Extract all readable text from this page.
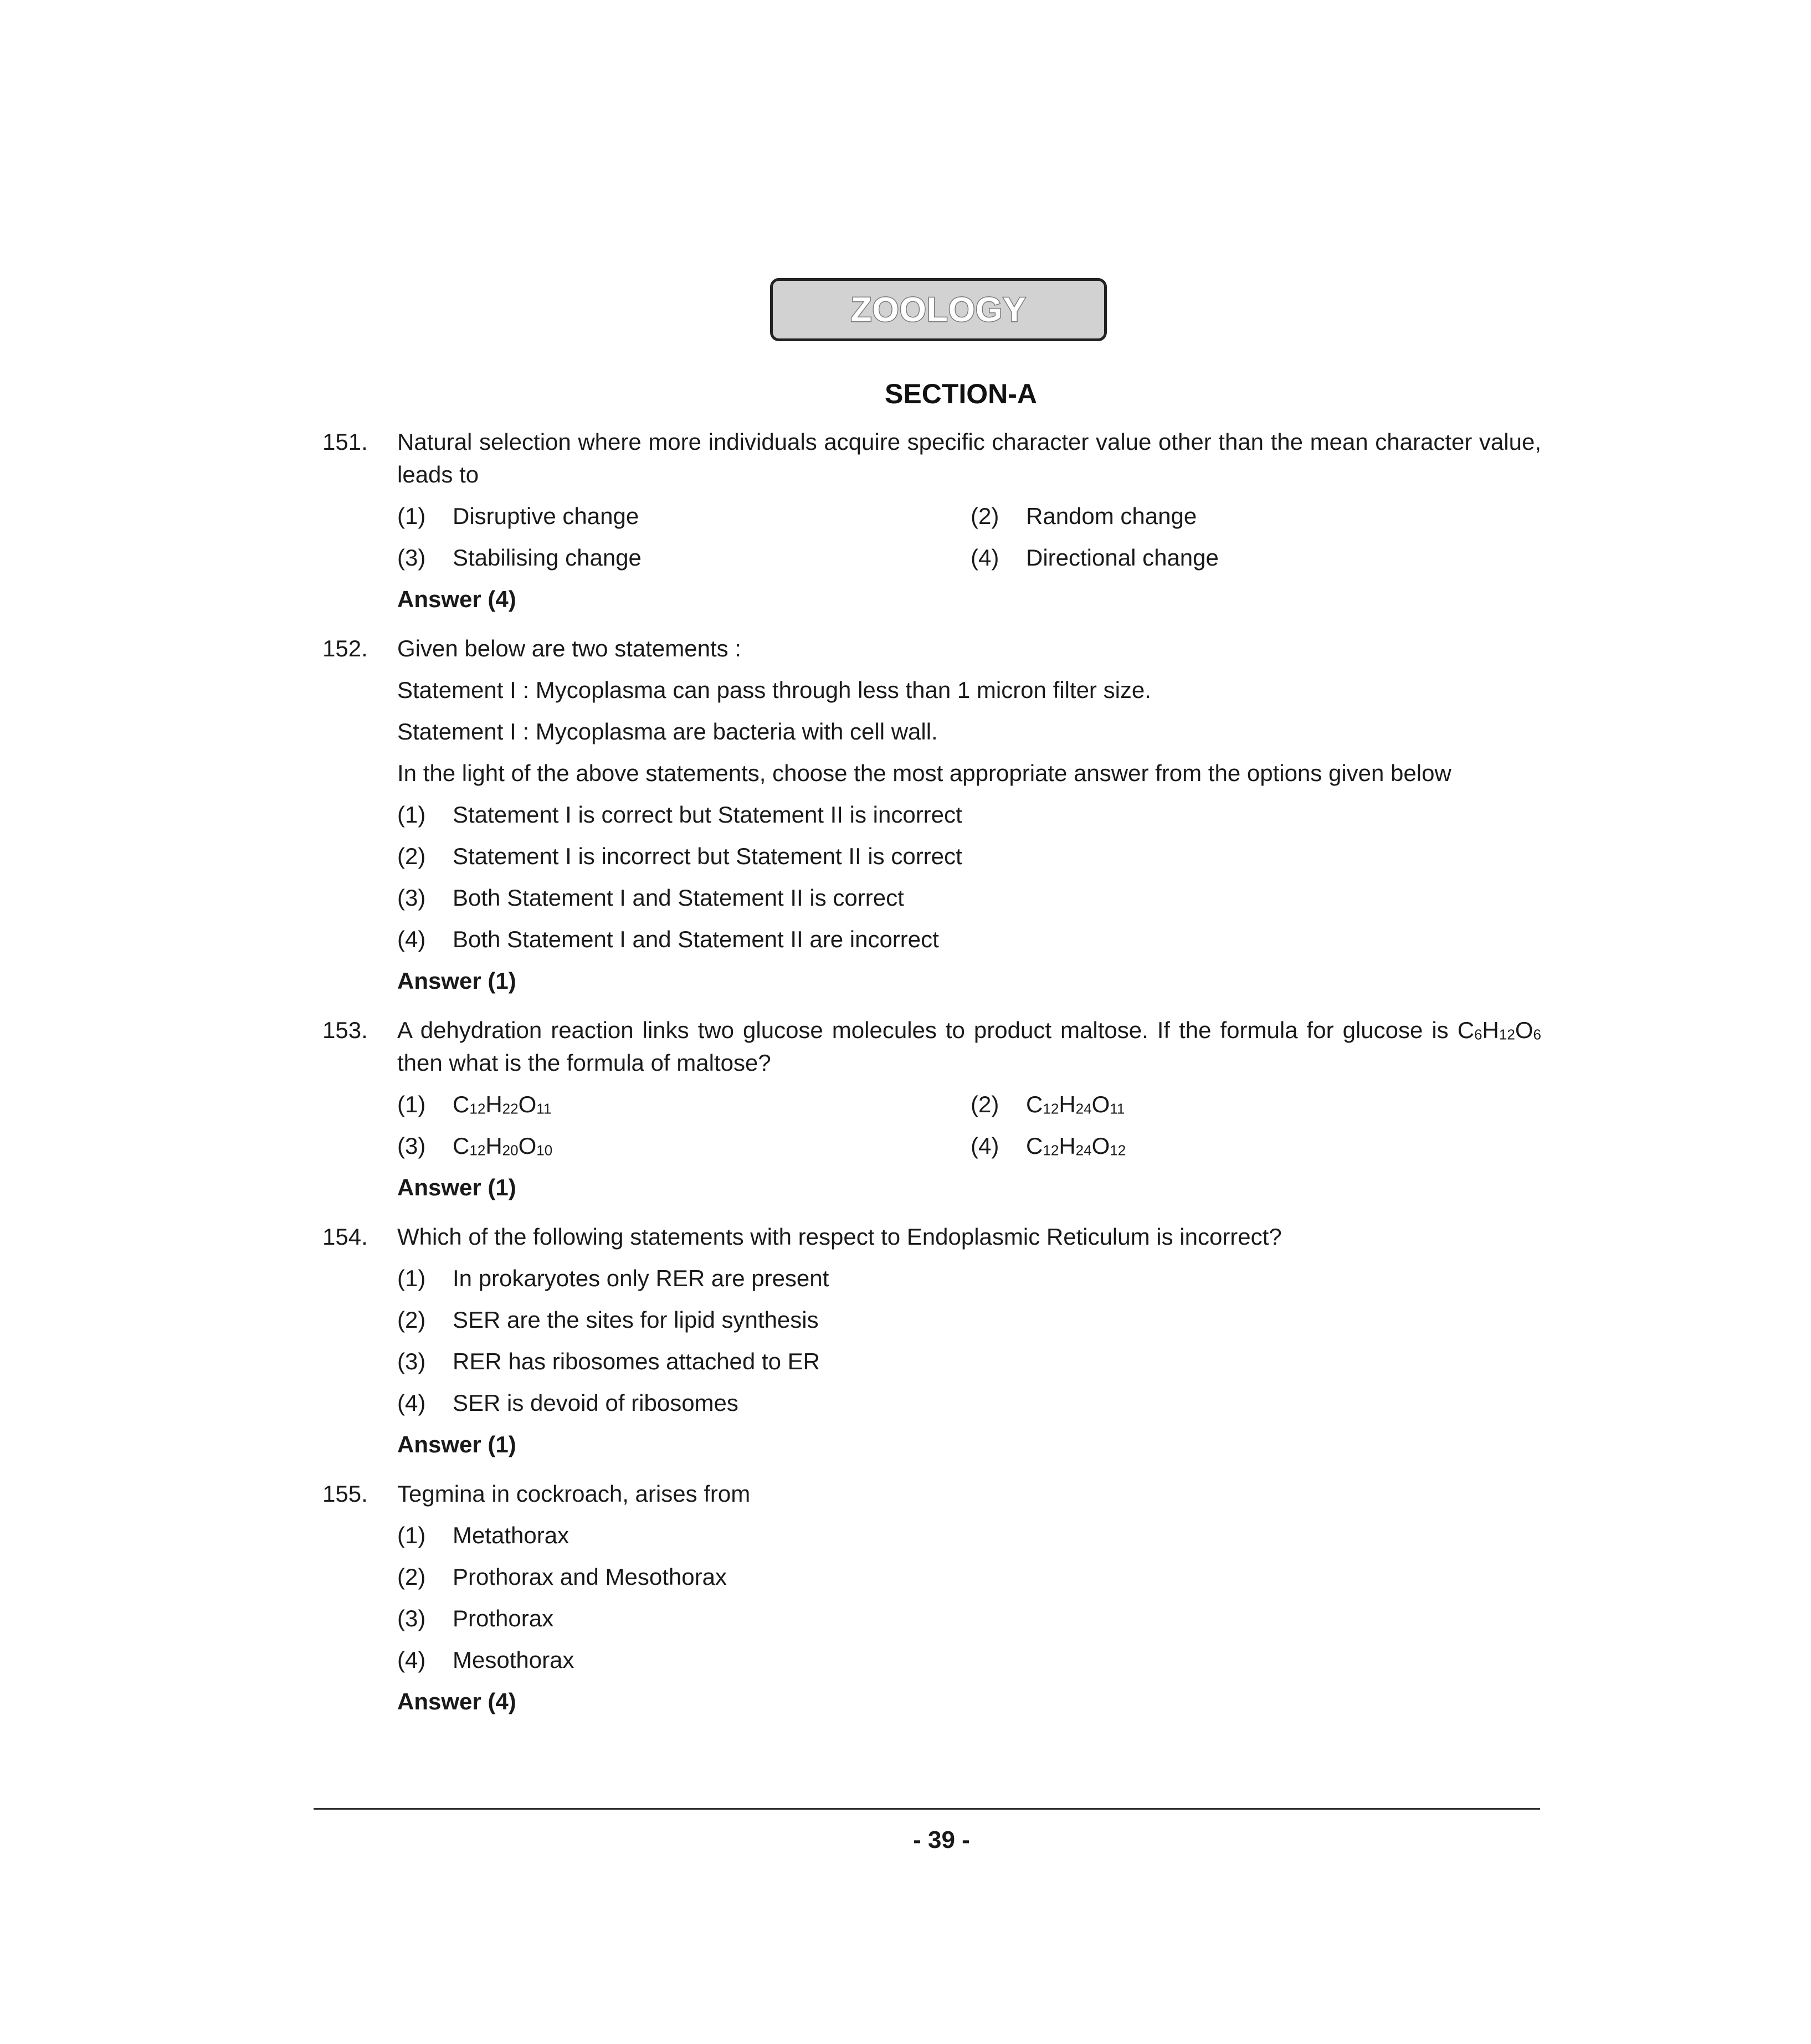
ZOOLOGY
SECTION-A
151.	Natural selection where more individuals acquire specific character value other than the mean character value, leads to
(1)	Disruptive change	(2)	Random change
(3)	Stabilising change	(4)	Directional change
Answer (4)
152.	Given below are two statements :
Statement I : Mycoplasma can pass through less than 1 micron filter size.
Statement I : Mycoplasma are bacteria with cell wall.
In the light of the above statements, choose the most appropriate answer from the options given below
(1)	Statement I is correct but Statement II is incorrect
(2)	Statement I is incorrect but Statement II is correct
(3)	Both Statement I and Statement II is correct
(4)	Both Statement I and Statement II are incorrect
Answer (1)
153.	A dehydration reaction links two glucose molecules to product maltose. If the formula for glucose is $C_6H_{12}O_6$ then what is the formula of maltose?
(1)	$C_{12}H_{22}O_{11}$	(2)	$C_{12}H_{24}O_{11}$
(3)	$C_{12}H_{20}O_{10}$	(4)	$C_{12}H_{24}O_{12}$
Answer (1)
154.	Which of the following statements with respect to Endoplasmic Reticulum is incorrect?
(1)	In prokaryotes only RER are present
(2)	SER are the sites for lipid synthesis
(3)	RER has ribosomes attached to ER
(4)	SER is devoid of ribosomes
Answer (1)
155.	Tegmina in cockroach, arises from
(1)	Metathorax
(2)	Prothorax and Mesothorax
(3)	Prothorax
(4)	Mesothorax
Answer (4)
- 39 -
